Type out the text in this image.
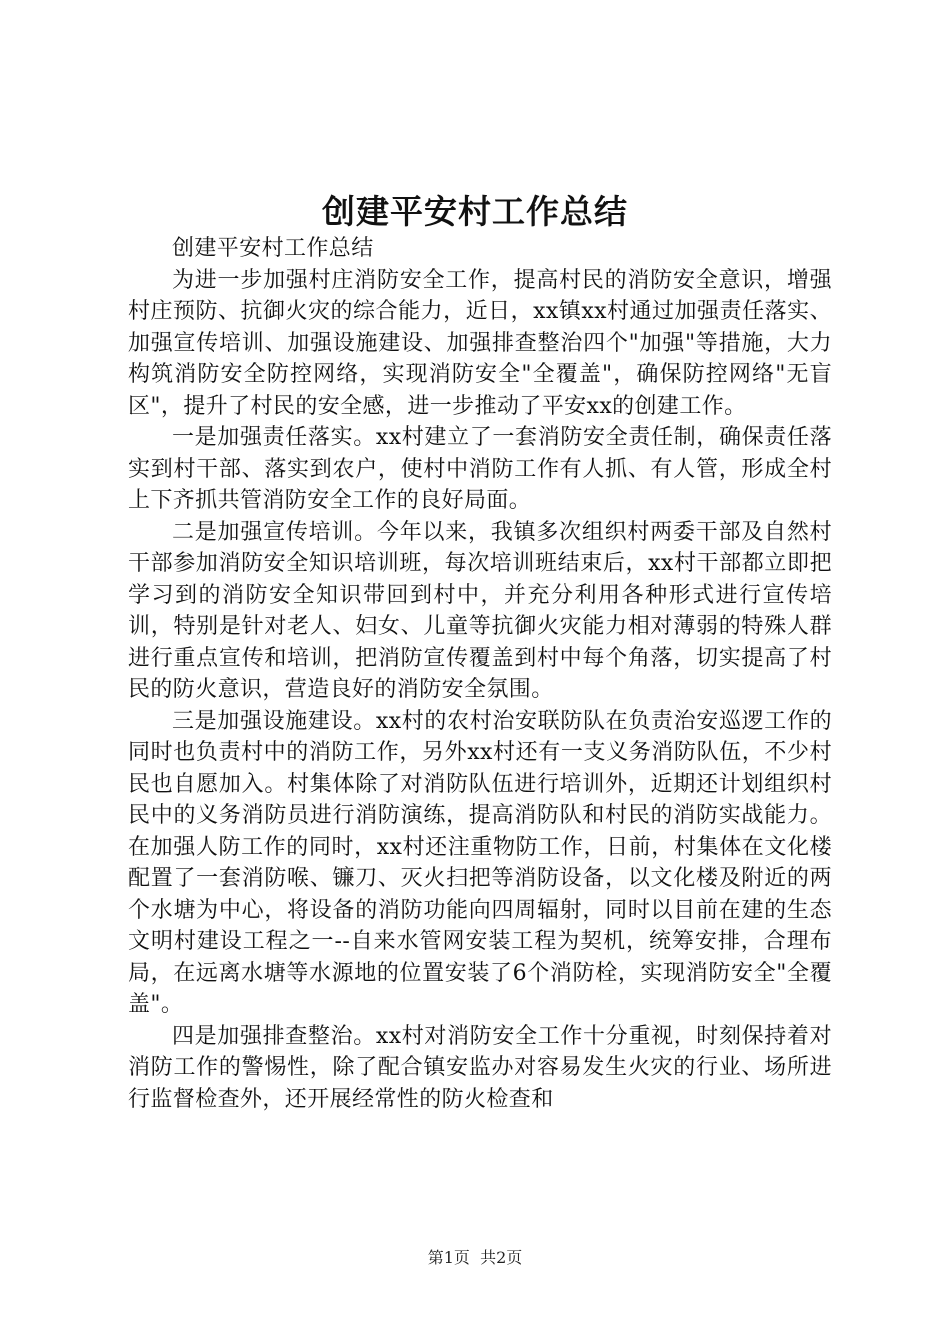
创建平安村工作总结

创建平安村工作总结

为进一步加强村庄消防安全工作，提高村民的消防安全意识，增强村庄预防、抗御火灾的综合能力，近日，xx镇xx村通过加强责任落实、加强宣传培训、加强设施建设、加强排查整治四个"加强"等措施，大力构筑消防安全防控网络，实现消防安全"全覆盖"，确保防控网络"无盲区"，提升了村民的安全感，进一步推动了平安xx的创建工作。

一是加强责任落实。xx村建立了一套消防安全责任制，确保责任落实到村干部、落实到农户，使村中消防工作有人抓、有人管，形成全村上下齐抓共管消防安全工作的良好局面。

二是加强宣传培训。今年以来，我镇多次组织村两委干部及自然村干部参加消防安全知识培训班，每次培训班结束后，xx村干部都立即把学习到的消防安全知识带回到村中，并充分利用各种形式进行宣传培训，特别是针对老人、妇女、儿童等抗御火灾能力相对薄弱的特殊人群进行重点宣传和培训，把消防宣传覆盖到村中每个角落，切实提高了村民的防火意识，营造良好的消防安全氛围。

三是加强设施建设。xx村的农村治安联防队在负责治安巡逻工作的同时也负责村中的消防工作，另外xx村还有一支义务消防队伍，不少村民也自愿加入。村集体除了对消防队伍进行培训外，近期还计划组织村民中的义务消防员进行消防演练，提高消防队和村民的消防实战能力。在加强人防工作的同时，xx村还注重物防工作，日前，村集体在文化楼配置了一套消防喉、镰刀、灭火扫把等消防设备，以文化楼及附近的两个水塘为中心，将设备的消防功能向四周辐射，同时以目前在建的生态文明村建设工程之一--自来水管网安装工程为契机，统筹安排，合理布局，在远离水塘等水源地的位置安装了6个消防栓，实现消防安全"全覆盖"。

四是加强排查整治。xx村对消防安全工作十分重视，时刻保持着对消防工作的警惕性，除了配合镇安监办对容易发生火灾的行业、场所进行监督检查外，还开展经常性的防火检查和

第1页  共2页
